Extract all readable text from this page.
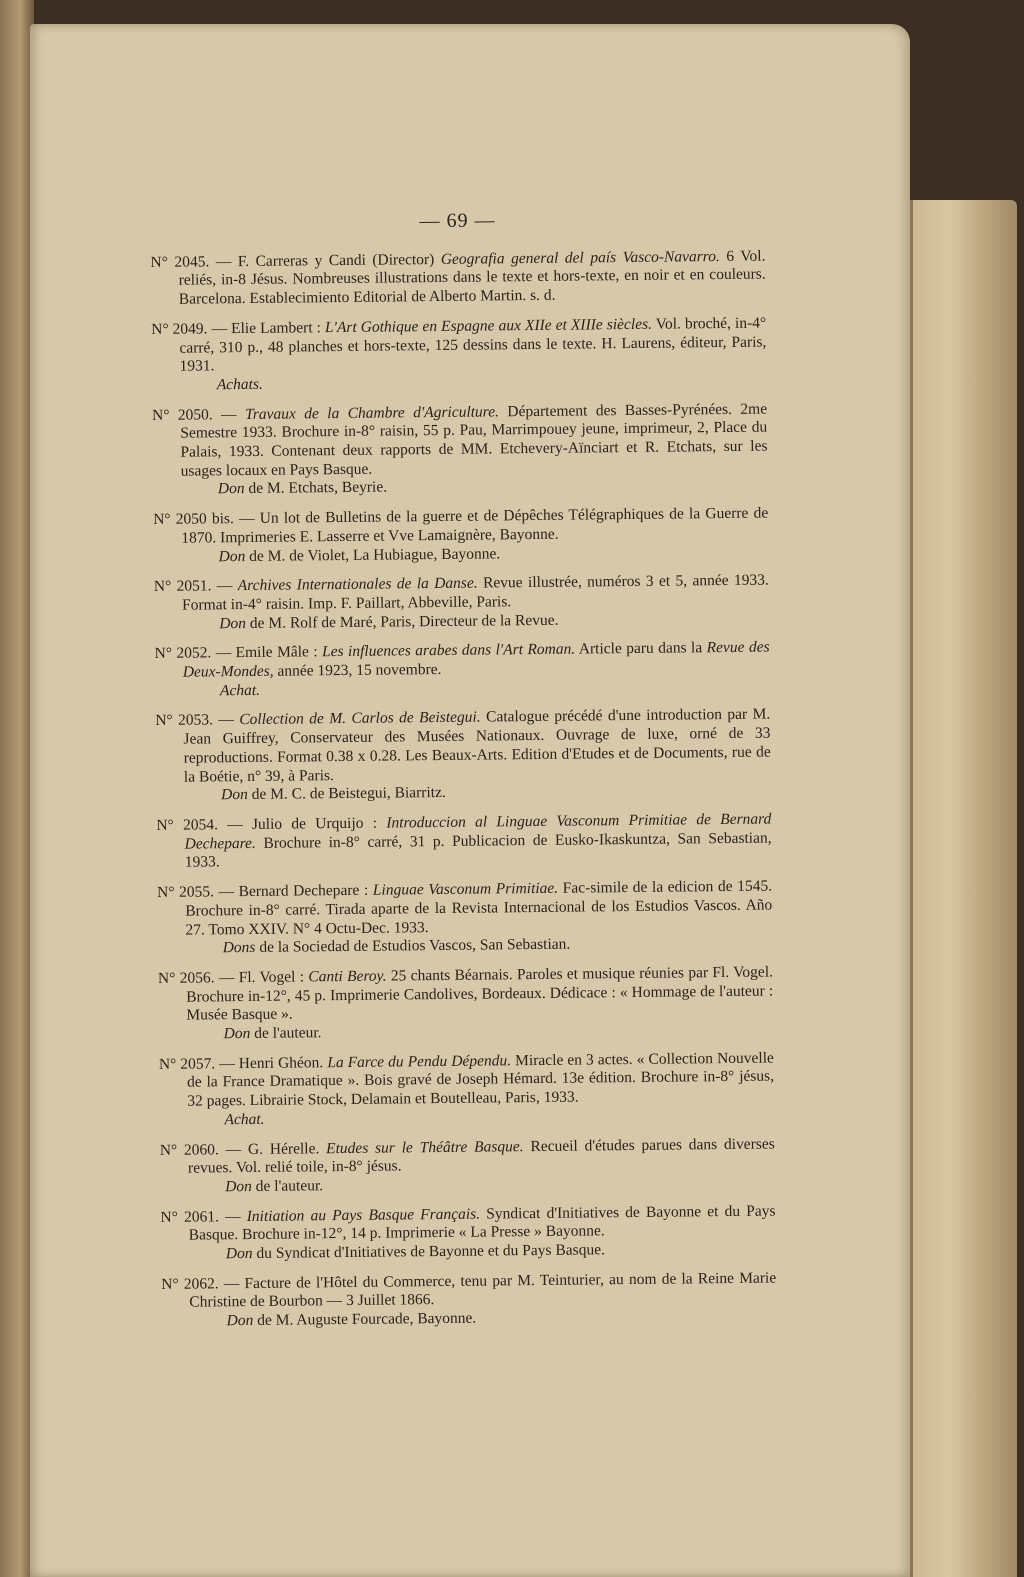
— 69 —

N° 2045. — F. Carreras y Candi (Director) Geografia general del país Vasco-Navarro. 6 Vol. reliés, in-8 Jésus. Nombreuses illustrations dans le texte et hors-texte, en noir et en couleurs. Barcelona. Establecimiento Editorial de Alberto Martin. s. d.

N° 2049. — Elie Lambert : L'Art Gothique en Espagne aux XIIe et XIIIe siècles. Vol. broché, in-4° carré, 310 p., 48 planches et hors-texte, 125 dessins dans le texte. H. Laurens, éditeur, Paris, 1931.

Achats.

N° 2050. — Travaux de la Chambre d'Agriculture. Département des Basses-Pyrénées. 2me Semestre 1933. Brochure in-8° raisin, 55 p. Pau, Marrimpouey jeune, imprimeur, 2, Place du Palais, 1933. Contenant deux rapports de MM. Etchevery-Aïnciart et R. Etchats, sur les usages locaux en Pays Basque.

Don de M. Etchats, Beyrie.

N° 2050 bis. — Un lot de Bulletins de la guerre et de Dépêches Télégraphiques de la Guerre de 1870. Imprimeries E. Lasserre et Vve Lamaignère, Bayonne.

Don de M. de Violet, La Hubiague, Bayonne.

N° 2051. — Archives Internationales de la Danse. Revue illustrée, numéros 3 et 5, année 1933. Format in-4° raisin. Imp. F. Paillart, Abbeville, Paris.

Don de M. Rolf de Maré, Paris, Directeur de la Revue.

N° 2052. — Emile Mâle : Les influences arabes dans l'Art Roman. Article paru dans la Revue des Deux-Mondes, année 1923, 15 novembre.

Achat.

N° 2053. — Collection de M. Carlos de Beistegui. Catalogue précédé d'une introduction par M. Jean Guiffrey, Conservateur des Musées Nationaux. Ouvrage de luxe, orné de 33 reproductions. Format 0.38 x 0.28. Les Beaux-Arts. Edition d'Etudes et de Documents, rue de la Boétie, n° 39, à Paris.

Don de M. C. de Beistegui, Biarritz.

N° 2054. — Julio de Urquijo : Introduccion al Linguae Vasconum Primitiae de Bernard Dechepare. Brochure in-8° carré, 31 p. Publicacion de Eusko-Ikaskuntza, San Sebastian, 1933.

N° 2055. — Bernard Dechepare : Linguae Vasconum Primitiae. Fac-simile de la edicion de 1545. Brochure in-8° carré. Tirada aparte de la Revista Internacional de los Estudios Vascos. Año 27. Tomo XXIV. N° 4 Octu-Dec. 1933.

Dons de la Sociedad de Estudios Vascos, San Sebastian.

N° 2056. — Fl. Vogel : Canti Beroy. 25 chants Béarnais. Paroles et musique réunies par Fl. Vogel. Brochure in-12°, 45 p. Imprimerie Candolives, Bordeaux. Dédicace : « Hommage de l'auteur : Musée Basque ».

Don de l'auteur.

N° 2057. — Henri Ghéon. La Farce du Pendu Dépendu. Miracle en 3 actes. « Collection Nouvelle de la France Dramatique ». Bois gravé de Joseph Hémard. 13e édition. Brochure in-8° jésus, 32 pages. Librairie Stock, Delamain et Boutelleau, Paris, 1933.

Achat.

N° 2060. — G. Hérelle. Etudes sur le Théâtre Basque. Recueil d'études parues dans diverses revues. Vol. relié toile, in-8° jésus.

Don de l'auteur.

N° 2061. — Initiation au Pays Basque Français. Syndicat d'Initiatives de Bayonne et du Pays Basque. Brochure in-12°, 14 p. Imprimerie « La Presse » Bayonne.

Don du Syndicat d'Initiatives de Bayonne et du Pays Basque.

N° 2062. — Facture de l'Hôtel du Commerce, tenu par M. Teinturier, au nom de la Reine Marie Christine de Bourbon — 3 Juillet 1866.

Don de M. Auguste Fourcade, Bayonne.
